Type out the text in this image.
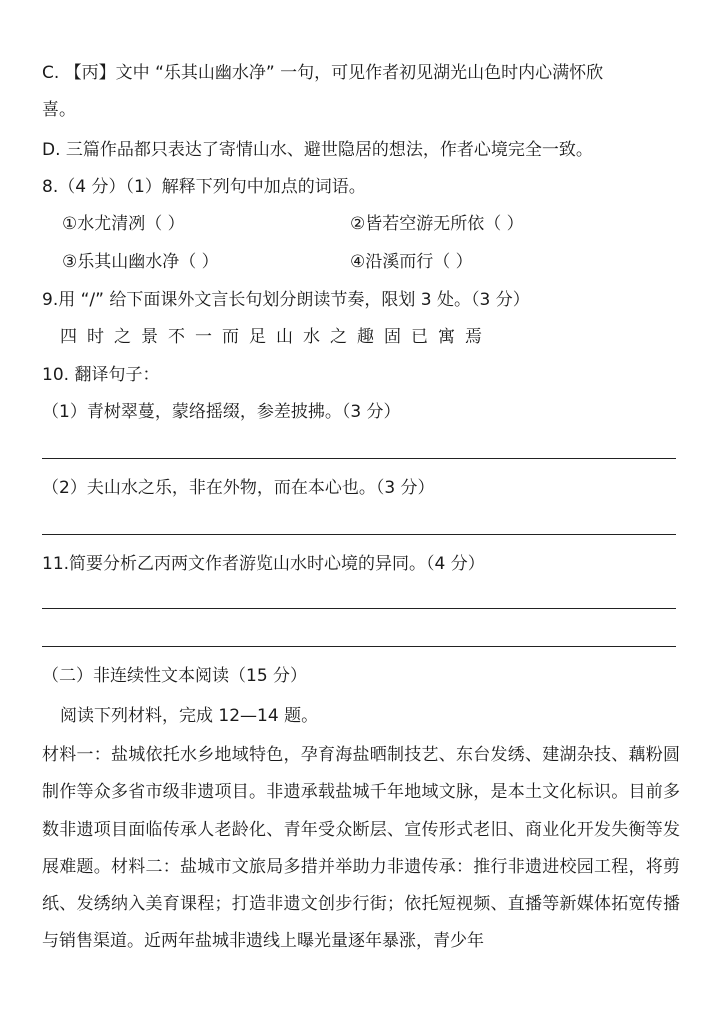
C. 【丙】文中 “乐其山幽水净” 一句，可见作者初见湖光山色时内心满怀欣
喜。
D. 三篇作品都只表达了寄情山水、避世隐居的想法，作者心境完全一致。
8.（4 分）（1）解释下列句中加点的词语。
①水尤清冽（ ）	②皆若空游无所依（ ）
③乐其山幽水净（ ）	④沿溪而行（ ）
9.用 “/” 给下面课外文言长句划分朗读节奏，限划 3 处。（3 分）
四时之景不一而足山水之趣固已寓焉
10. 翻译句子：
（1）青树翠蔓，蒙络摇缀，参差披拂。（3 分）
（2）夫山水之乐，非在外物，而在本心也。（3 分）
11.简要分析乙丙两文作者游览山水时心境的异同。（4 分）
（二）非连续性文本阅读（15 分）
阅读下列材料，完成 12—14 题。
材料一：盐城依托水乡地域特色，孕育海盐晒制技艺、东台发绣、建湖杂技、藕粉圆制作等众多省市级非遗项目。非遗承载盐城千年地域文脉，是本土文化标识。目前多数非遗项目面临传承人老龄化、青年受众断层、宣传形式老旧、商业化开发失衡等发展难题。材料二：盐城市文旅局多措并举助力非遗传承：推行非遗进校园工程，将剪纸、发绣纳入美育课程；打造非遗文创步行街；依托短视频、直播等新媒体拓宽传播与销售渠道。近两年盐城非遗线上曝光量逐年暴涨，青少年
